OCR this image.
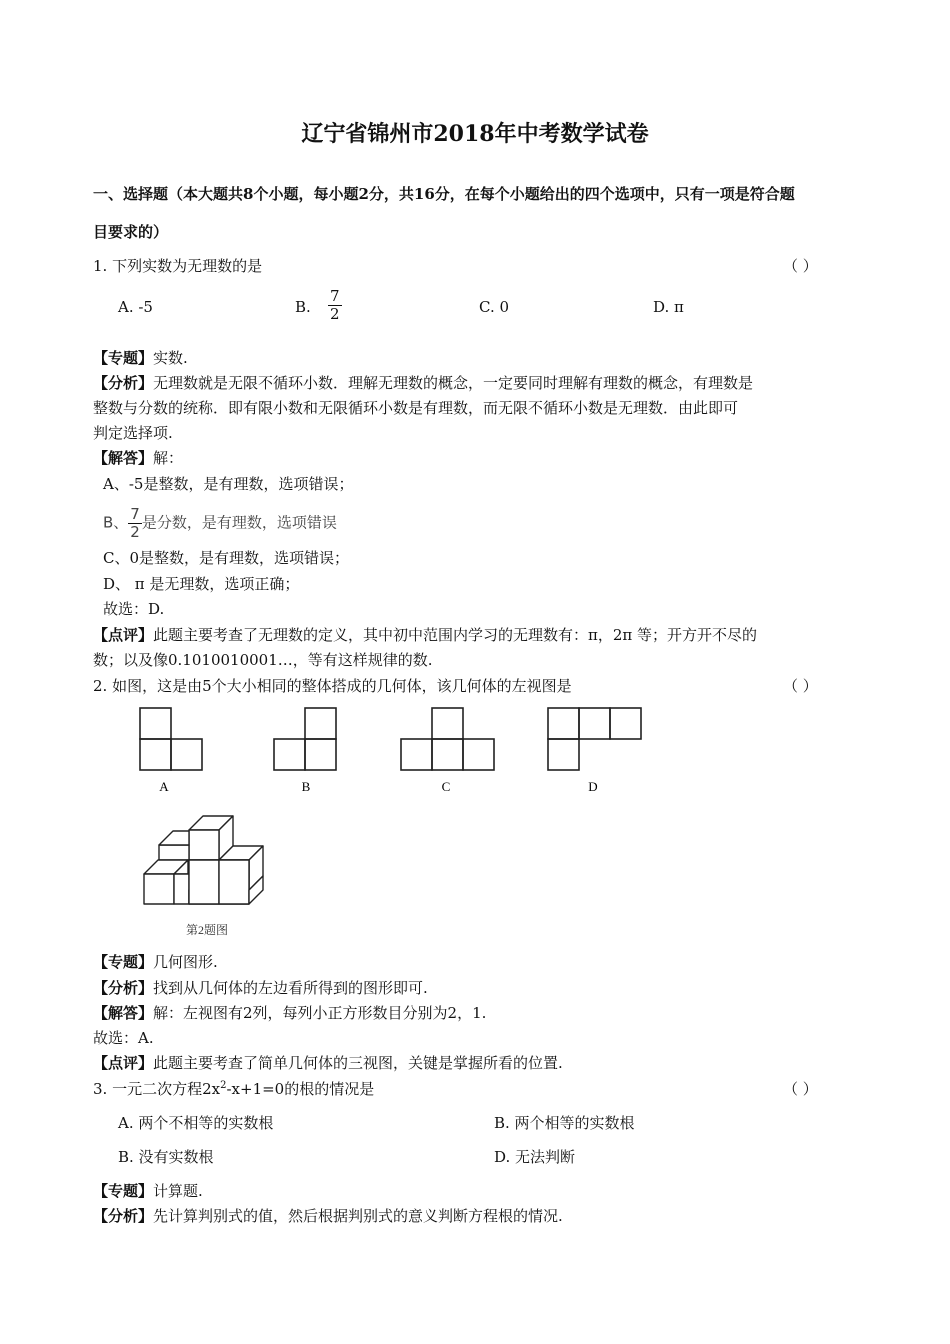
辽宁省锦州市2018年中考数学试卷
一、选择题（本大题共8个小题，每小题2分，共16分，在每个小题给出的四个选项中，只有一项是符合题
目要求的）
1. 下列实数为无理数的是	（ ）
A. -5	B. $\frac{7}{2}$	C. 0	D. π
【专题】实数.
【分析】无理数就是无限不循环小数．理解无理数的概念，一定要同时理解有理数的概念，有理数是
整数与分数的统称．即有限小数和无限循环小数是有理数，而无限不循环小数是无理数．由此即可
判定选择项.
【解答】解：
A、-5是整数，是有理数，选项错误；
B、 $\frac{7}{2}$ 是分数，是有理数，选项错误
C、0是整数，是有理数，选项错误；
D、 π 是无理数，选项正确；
故选：D.
【点评】此题主要考查了无理数的定义，其中初中范围内学习的无理数有：π，2π 等；开方开不尽的
数；以及像0.1010010001…，等有这样规律的数.
2. 如图，这是由5个大小相同的整体搭成的几何体，该几何体的左视图是	（ ）
A	B	C	D
第2题图
【专题】几何图形.
【分析】找到从几何体的左边看所得到的图形即可.
【解答】解：左视图有2列，每列小正方形数目分别为2，1.
故选：A.
【点评】此题主要考查了简单几何体的三视图，关键是掌握所看的位置.
3. 一元二次方程$2x^2-x+1=0$的根的情况是	（ ）
A. 两个不相等的实数根	B. 两个相等的实数根
B. 没有实数根	D. 无法判断
【专题】计算题.
【分析】先计算判别式的值，然后根据判别式的意义判断方程根的情况.
